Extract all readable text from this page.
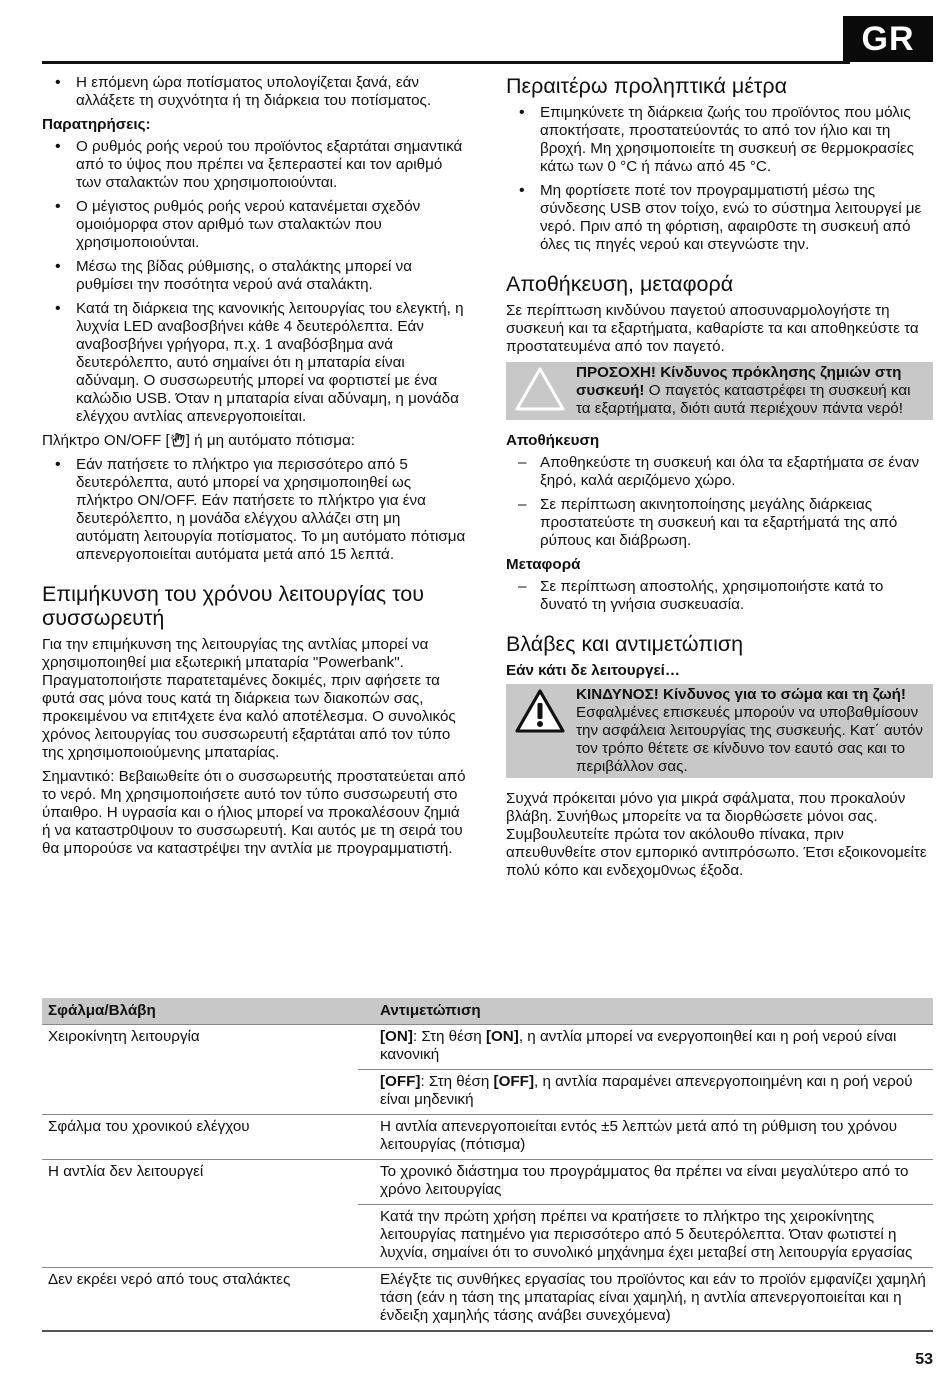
GR
• Η επόμενη ώρα ποτίσματος υπολογίζεται ξανά, εάν αλλάξετε τη συχνότητα ή τη διάρκεια του ποτίσματος.
Παρατηρήσεις:
• Ο ρυθμός ροής νερού του προϊόντος εξαρτάται σημαντικά από το ύψος που πρέπει να ξεπεραστεί και τον αριθμό των σταλακτών που χρησιμοποιούνται.
• Ο μέγιστος ρυθμός ροής νερού κατανέμεται σχεδόν ομοιόμορφα στον αριθμό των σταλακτών που χρησιμοποιούνται.
• Μέσω της βίδας ρύθμισης, ο σταλάκτης μπορεί να ρυθμίσει την ποσότητα νερού ανά σταλάκτη.
• Κατά τη διάρκεια της κανονικής λειτουργίας του ελεγκτή, η λυχνία LED αναβοσβήνει κάθε 4 δευτερόλεπτα. Εάν αναβοσβήνει γρήγορα, π.χ. 1 αναβόσβημα ανά δευτερόλεπτο, αυτό σημαίνει ότι η μπαταρία είναι αδύναμη. Ο συσσωρευτής μπορεί να φορτιστεί με ένα καλώδιο USB. Όταν η μπαταρία είναι αδύναμη, η μονάδα ελέγχου αντλίας απενεργοποιείται.
Πλήκτρο ON/OFF [ ] ή μη αυτόματο πότισμα:
• Εάν πατήσετε το πλήκτρο για περισσότερο από 5 δευτερόλεπτα, αυτό μπορεί να χρησιμοποιηθεί ως πλήκτρο ON/OFF. Εάν πατήσετε το πλήκτρο για ένα δευτερόλεπτο, η μονάδα ελέγχου αλλάζει στη μη αυτόματη λειτουργία ποτίσματος. Το μη αυτόματο πότισμα απενεργοποιείται αυτόματα μετά από 15 λεπτά.
Επιμήκυνση του χρόνου λειτουργίας του συσσωρευτή

Για την επιμήκυνση της λειτουργίας της αντλίας μπορεί να χρησιμοποιηθεί μια εξωτερική μπαταρία "Powerbank". Πραγματοποιήστε παρατεταμένες δοκιμές, πριν αφήσετε τα φυτά σας μόνα τους κατά τη διάρκεια των διακοπών σας, προκειμένου να επιτ4χετε ένα καλό αποτέλεσμα. Ο συνολικός χρόνος λειτουργίας του συσσωρευτή εξαρτάται από τον τύπο της χρησιμοποιούμενης μπαταρίας.

Σημαντικό: Βεβαιωθείτε ότι ο συσσωρευτής προστατεύεται από το νερό. Μη χρησιμοποιήσετε αυτό τον τύπο συσσωρευτή στο ύπαιθρο. Η υγρασία και ο ήλιος μπορεί να προκαλέσουν ζημιά ή να καταστρ0ψουν το συσσωρευτή. Και αυτός με τη σειρά του θα μπορούσε να καταστρέψει την αντλία με προγραμματιστή.

Περαιτέρω προληπτικά μέτρα
• Επιμηκύνετε τη διάρκεια ζωής του προϊόντος που μόλις αποκτήσατε, προστατεύοντάς το από τον ήλιο και τη βροχή. Μη χρησιμοποιείτε τη συσκευή σε θερμοκρασίες κάτω των 0 °C ή πάνω από 45 °C.
• Μη φορτίσετε ποτέ τον προγραμματιστή μέσω της σύνδεσης USB στον τοίχο, ενώ το σύστημα λειτουργεί με νερό. Πριν από τη φόρτιση, αφαιρ0στε τη συσκευή από όλες τις πηγές νερού και στεγνώστε την.
Αποθήκευση, μεταφορά

Σε περίπτωση κινδύνου παγετού αποσυναρμολογήστε τη συσκευή και τα εξαρτήματα, καθαρίστε τα και αποθηκεύστε τα προστατευμένα από τον παγετό.

ΠΡΟΣΟΧΗ! Κίνδυνος πρόκλησης ζημιών στη συσκευή! Ο παγετός καταστρέφει τη συσκευή και τα εξαρτήματα, διότι αυτά περιέχουν πάντα νερό!
Αποθήκευση
– Αποθηκεύστε τη συσκευή και όλα τα εξαρτήματα σε έναν ξηρό, καλά αεριζόμενο χώρο.
– Σε περίπτωση ακινητοποίησης μεγάλης διάρκειας προστατεύστε τη συσκευή και τα εξαρτήματά της από ρύπους και διάβρωση.
Μεταφορά
– Σε περίπτωση αποστολής, χρησιμοποιήστε κατά το δυνατό τη γνήσια συσκευασία.
Βλάβες και αντιμετώπιση
Εάν κάτι δε λειτουργεί…
ΚΙΝΔΥΝΟΣ! Κίνδυνος για το σώμα και τη ζωή! Εσφαλμένες επισκευές μπορούν να υποβαθμίσουν την ασφάλεια λειτουργίας της συσκευής. Κατ΄ αυτόν τον τρόπο θέτετε σε κίνδυνο τον εαυτό σας και το περιβάλλον σας.

Συχνά πρόκειται μόνο για μικρά σφάλματα, που προκαλούν βλάβη. Συνήθως μπορείτε να τα διορθώσετε μόνοι σας. Συμβουλευτείτε πρώτα τον ακόλουθο πίνακα, πριν απευθυνθείτε στον εμπορικό αντιπρόσωπο. Έτσι εξοικονομείτε πολύ κόπο και ενδεχομ0νως έξοδα.

Σφάλμα/Βλάβη	Αντιμετώπιση
Χειροκίνητη λειτουργία	[ON]: Στη θέση [ON], η αντλία μπορεί να ενεργοποιηθεί και η ροή νερού είναι κανονική
	[OFF]: Στη θέση [OFF], η αντλία παραμένει απενεργοποιημένη και η ροή νερού είναι μηδενική
Σφάλμα του χρονικού ελέγχου	Η αντλία απενεργοποιείται εντός ±5 λεπτών μετά από τη ρύθμιση του χρόνου λειτουργίας (πότισμα)
Η αντλία δεν λειτουργεί	Το χρονικό διάστημα του προγράμματος θα πρέπει να είναι μεγαλύτερο από το χρόνο λειτουργίας
	Κατά την πρώτη χρήση πρέπει να κρατήσετε το πλήκτρο της χειροκίνητης λειτουργίας πατημένο για περισσότερο από 5 δευτερόλεπτα. Όταν φωτιστεί η λυχνία, σημαίνει ότι το συνολικό μηχάνημα έχει μεταβεί στη λειτουργία εργασίας
Δεν εκρέει νερό από τους σταλάκτες	Ελέγξτε τις συνθήκες εργασίας του προϊόντος και εάν το προϊόν εμφανίζει χαμηλή τάση (εάν η τάση της μπαταρίας είναι χαμηλή, η αντλία απενεργοποιείται και η ένδειξη χαμηλής τάσης ανάβει συνεχόμενα)
53
